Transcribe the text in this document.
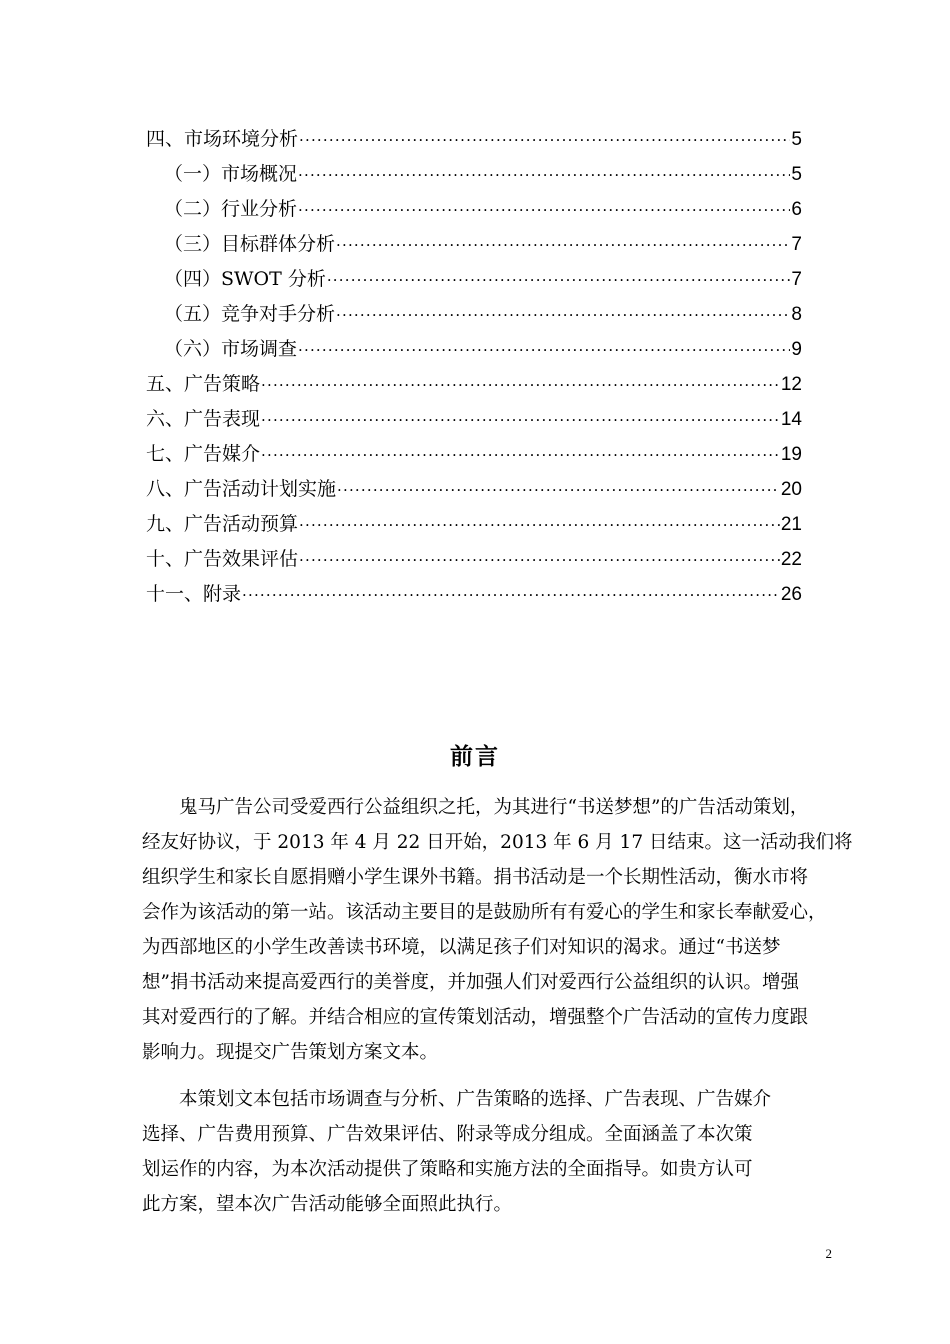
四、市场环境分析 ·····	5
（一）市场概况 ·····	5
（二）行业分析 ·····	6
（三）目标群体分析 ·····	7
（四）SWOT 分析 ·····	7
（五）竞争对手分析 ·····	8
（六）市场调查 ·····	9
五、广告策略 ·····	12
六、广告表现 ·····	14
七、广告媒介 ·····	19
八、广告活动计划实施 ·····	20
九、广告活动预算 ·····	21
十、广告效果评估 ·····	22
十一、附录 ·····	26
前言

鬼马广告公司受爱西行公益组织之托，为其进行“书送梦想”的广告活动策划，
经友好协议，于 2013 年 4 月 22 日开始，2013 年 6 月 17 日结束。这一活动我们将
组织学生和家长自愿捐赠小学生课外书籍。捐书活动是一个长期性活动，衡水市将
会作为该活动的第一站。该活动主要目的是鼓励所有有爱心的学生和家长奉献爱心，
为西部地区的小学生改善读书环境，以满足孩子们对知识的渴求。通过“书送梦
想”捐书活动来提高爱西行的美誉度，并加强人们对爱西行公益组织的认识。增强
其对爱西行的了解。并结合相应的宣传策划活动，增强整个广告活动的宣传力度跟
影响力。现提交广告策划方案文本。

本策划文本包括市场调查与分析、广告策略的选择、广告表现、广告媒介
选择、广告费用预算、广告效果评估、附录等成分组成。全面涵盖了本次策
划运作的内容，为本次活动提供了策略和实施方法的全面指导。如贵方认可
此方案，望本次广告活动能够全面照此执行。

2
